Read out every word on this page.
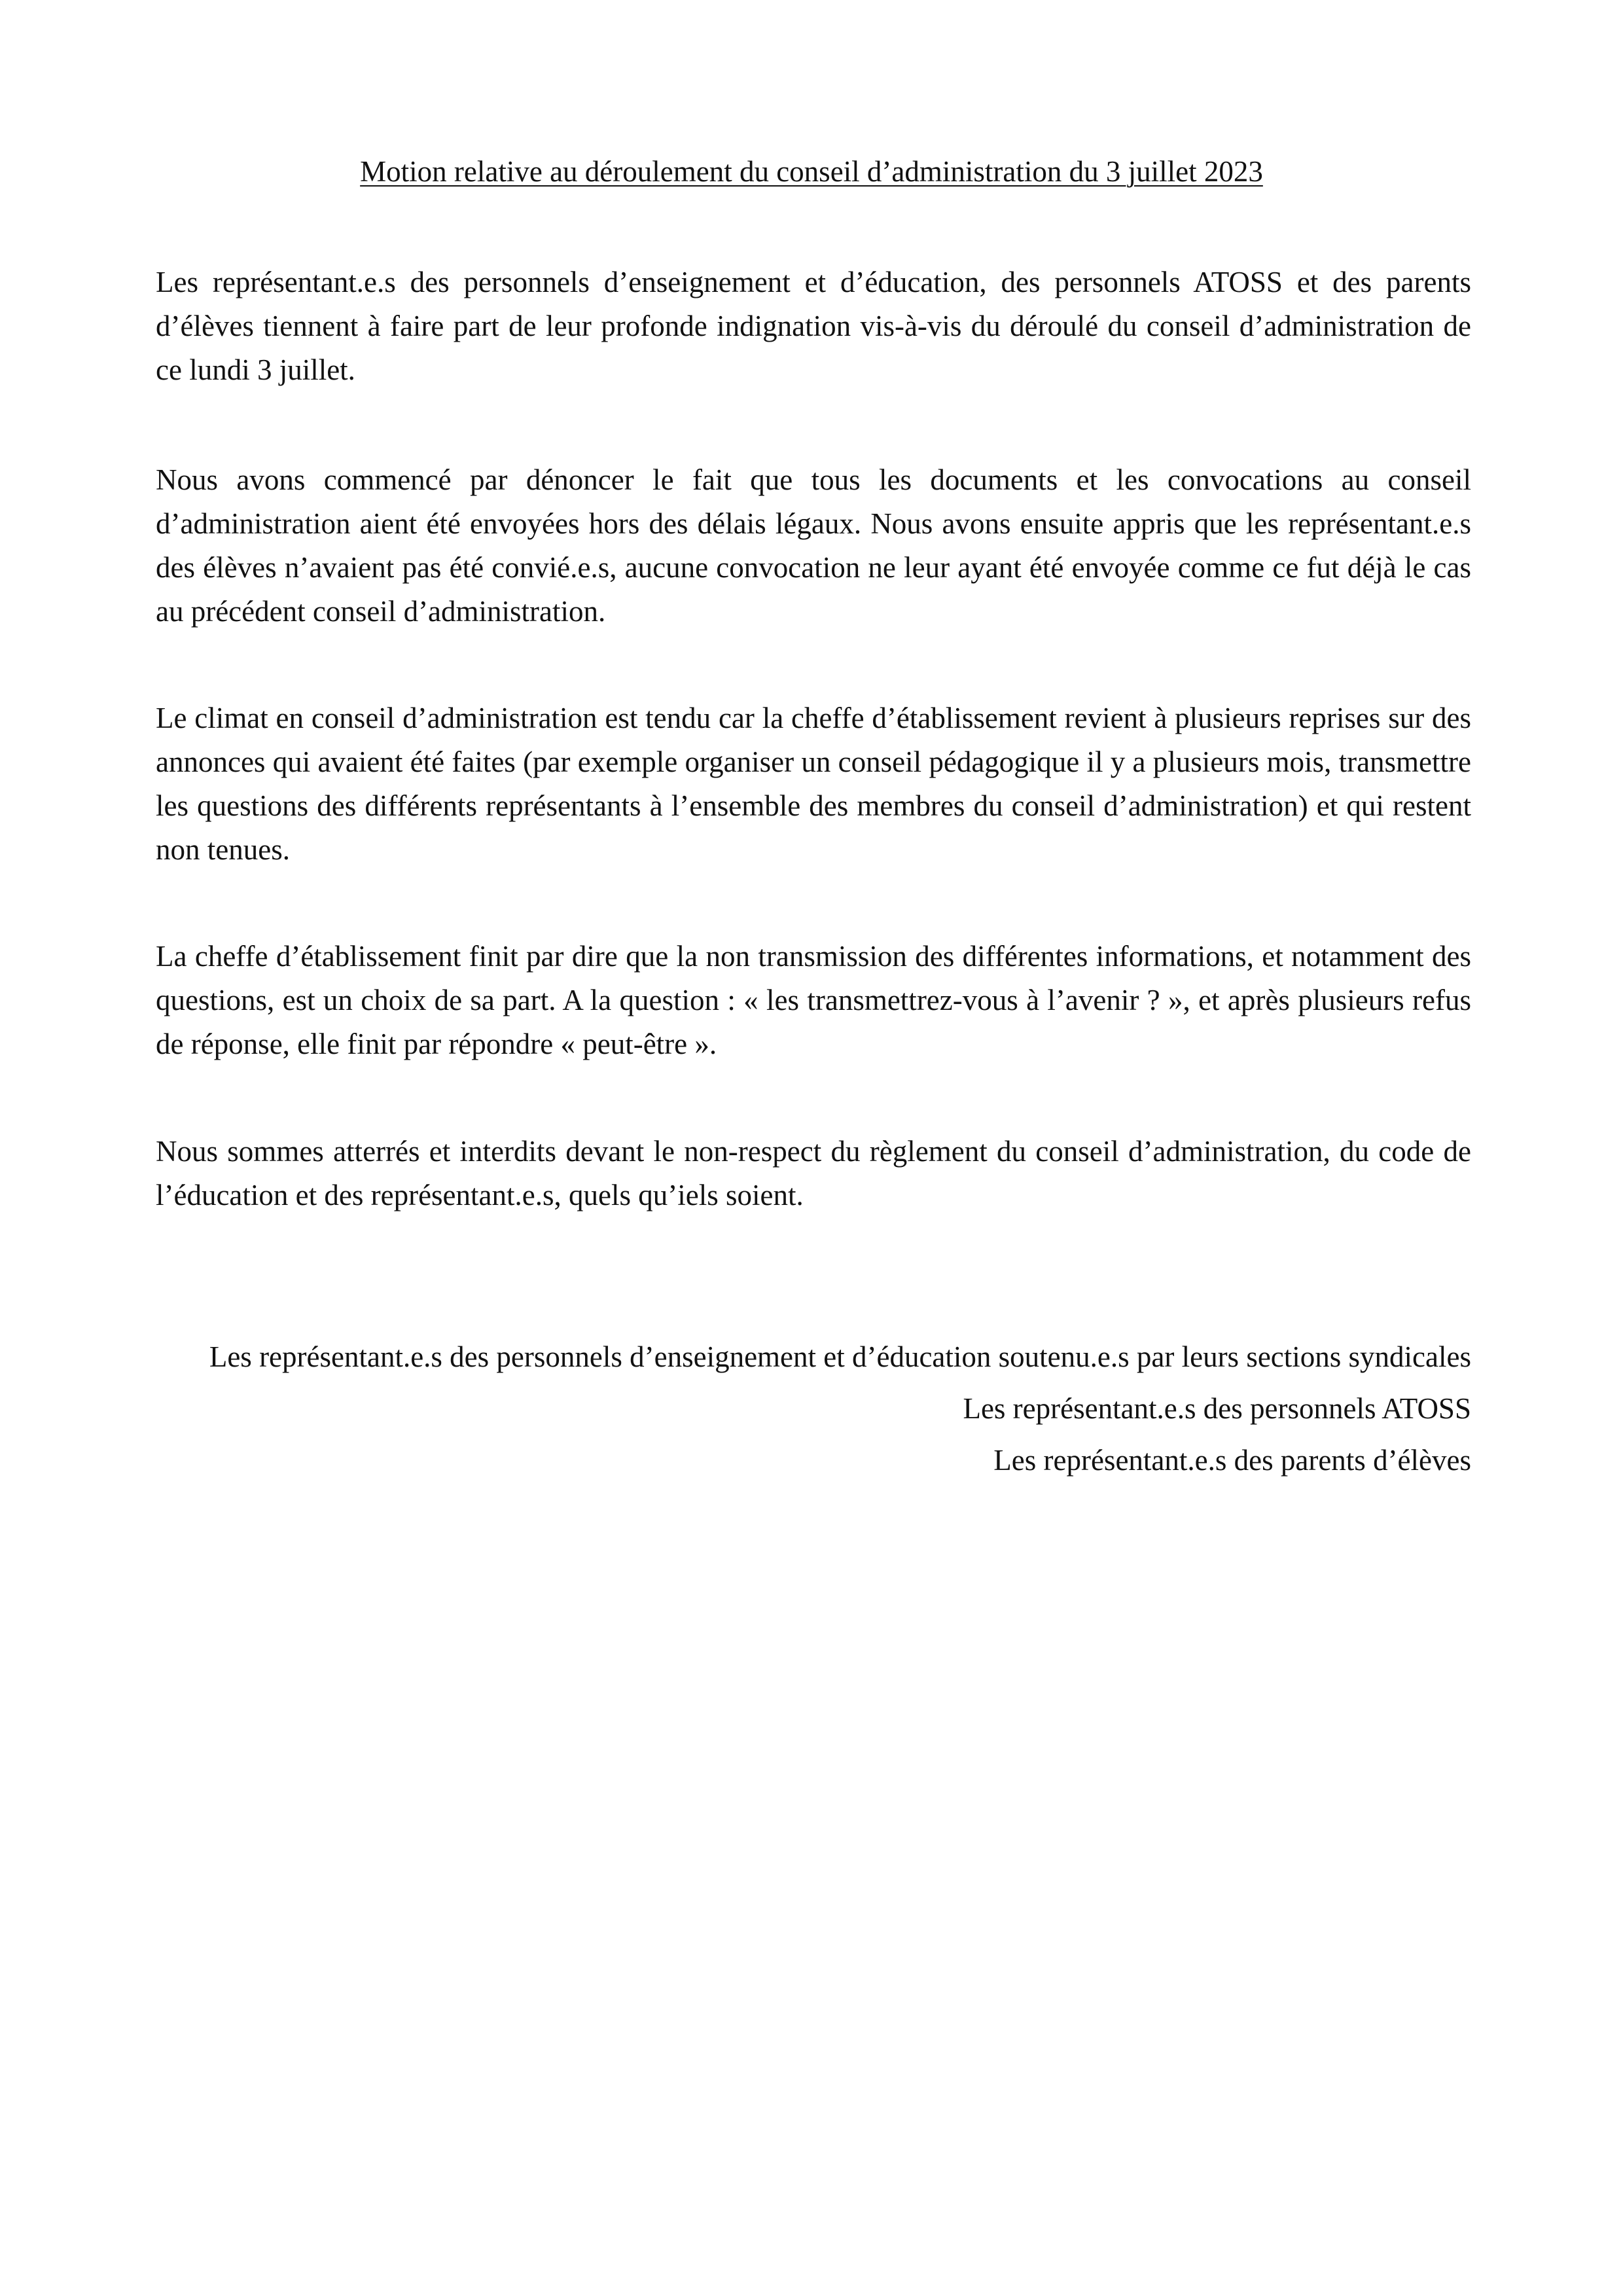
Motion relative au déroulement du conseil d’administration du 3 juillet 2023

Les représentant.e.s des personnels d’enseignement et d’éducation, des personnels ATOSS et des parents d’élèves tiennent à faire part de leur profonde indignation vis-à-vis du déroulé du conseil d’administration de ce lundi 3 juillet.

Nous avons commencé par dénoncer le fait que tous les documents et les convocations au conseil d’administration aient été envoyées hors des délais légaux. Nous avons ensuite appris que les représentant.e.s des élèves n’avaient pas été convié.e.s, aucune convocation ne leur ayant été envoyée comme ce fut déjà le cas au précédent conseil d’administration.

Le climat en conseil d’administration est tendu car la cheffe d’établissement revient à plusieurs reprises sur des annonces qui avaient été faites (par exemple organiser un conseil pédagogique il y a plusieurs mois, transmettre les questions des différents représentants à l’ensemble des membres du conseil d’administration) et qui restent non tenues.

La cheffe d’établissement finit par dire que la non transmission des différentes informations, et notamment des questions, est un choix de sa part. A la question : « les transmettrez-vous à l’avenir ? », et après plusieurs refus de réponse, elle finit par répondre « peut-être ».

Nous sommes atterrés et interdits devant le non-respect du règlement du conseil d’administration, du code de l’éducation et des représentant.e.s, quels qu’iels soient.

Les représentant.e.s des personnels d’enseignement et d’éducation soutenu.e.s par leurs sections syndicales
Les représentant.e.s des personnels ATOSS
Les représentant.e.s des parents d’élèves
